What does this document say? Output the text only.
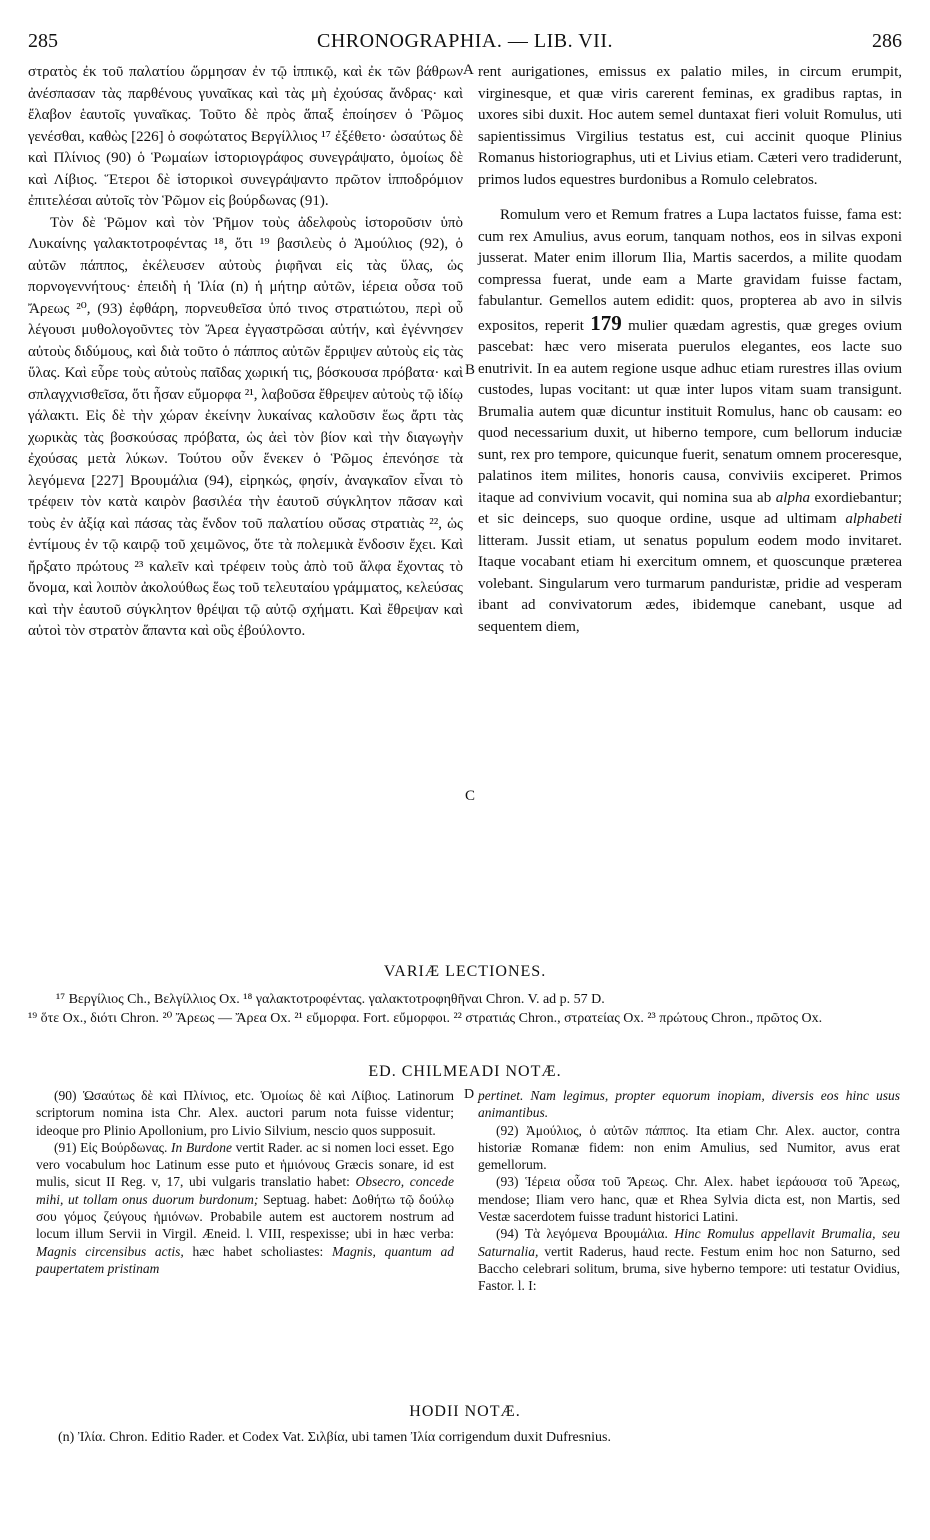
285	CHRONOGRAPHIA. — LIB. VII.	286

στρατὸς ἐκ τοῦ παλατίου ὥρμησαν ἐν τῷ ἱππικῷ, καὶ ἐκ τῶν βάθρων ἀνέσπασαν τὰς παρθένους γυναῖκας καὶ τὰς μὴ ἐχούσας ἄνδρας· καὶ ἔλαβον ἑαυτοῖς γυναῖκας. Τοῦτο δὲ πρὸς ἅπαξ ἐποίησεν ὁ Ῥῶμος γενέσθαι, καθὼς [226] ὁ σοφώτατος Βεργίλλιος ¹⁷ ἐξέθετο· ὡσαύτως δὲ καὶ Πλίνιος (90) ὁ Ῥωμαίων ἱστοριογράφος συνεγράψατο, ὁμοίως δὲ καὶ Λίβιος. Ἕτεροι δὲ ἱστορικοὶ συνεγράψαντο πρῶτον ἱπποδρόμιον ἐπιτελέσαι αὐτοῖς τὸν Ῥῶμον εἰς βούρδωνας (91).

Τὸν δὲ Ῥῶμον καὶ τὸν Ῥῆμον τοὺς ἀδελφοὺς ἱστοροῦσιν ὑπὸ Λυκαίνης γαλακτοτροφέντας ¹⁸, ὅτι ¹⁹ βασιλεὺς ὁ Ἀμούλιος (92), ὁ αὐτῶν πάππος, ἐκέλευσεν αὐτοὺς ῥιφῆναι εἰς τὰς ὕλας, ὡς πορνογεννήτους· ἐπειδὴ ἡ Ἰλία (n) ἡ μήτηρ αὐτῶν, ἱέρεια οὖσα τοῦ Ἄρεως ²⁰, (93) ἐφθάρη, πορνευθεῖσα ὑπό τινος στρατιώτου, περὶ οὗ λέγουσι μυθολογοῦντες τὸν Ἄρεα ἐγγαστρῶσαι αὐτήν, καὶ ἐγέννησεν αὐτοὺς διδύμους, καὶ διὰ τοῦτο ὁ πάππος αὐτῶν ἔρριψεν αὐτοὺς εἰς τὰς ὕλας. Καὶ εὗρε τοὺς αὐτοὺς παῖδας χωρική τις, βόσκουσα πρόβατα· καὶ σπλαγχνισθεῖσα, ὅτι ἦσαν εὔμορφα ²¹, λαβοῦσα ἔθρεψεν αὐτοὺς τῷ ἰδίῳ γάλακτι. Εἰς δὲ τὴν χώραν ἐκείνην λυκαίνας καλοῦσιν ἕως ἄρτι τὰς χωρικὰς τὰς βοσκούσας πρόβατα, ὡς ἀεὶ τὸν βίον καὶ τὴν διαγωγὴν ἐχούσας μετὰ λύκων. Τούτου οὖν ἕνεκεν ὁ Ῥῶμος ἐπενόησε τὰ λεγόμενα [227] Βρουμάλια (94), εἰρηκώς, φησίν, ἀναγκαῖον εἶναι τὸ τρέφειν τὸν κατὰ καιρὸν βασιλέα τὴν ἑαυτοῦ σύγκλητον πᾶσαν καὶ τοὺς ἐν ἀξίᾳ καὶ πάσας τὰς ἔνδον τοῦ παλατίου οὔσας στρατιὰς ²², ὡς ἐντίμους ἐν τῷ καιρῷ τοῦ χειμῶνος, ὅτε τὰ πολεμικὰ ἔνδοσιν ἔχει. Καὶ ἤρξατο πρώτους ²³ καλεῖν καὶ τρέφειν τοὺς ἀπὸ τοῦ ἄλφα ἔχοντας τὸ ὄνομα, καὶ λοιπὸν ἀκολούθως ἕως τοῦ τελευταίου γράμματος, κελεύσας καὶ τὴν ἑαυτοῦ σύγκλητον θρέψαι τῷ αὐτῷ σχήματι. Καὶ ἔθρεψαν καὶ αὐτοὶ τὸν στρατὸν ἅπαντα καὶ οὓς ἐβούλοντο.

A
B
C

rent aurigationes, emissus ex palatio miles, in circum erumpit, virginesque, et quæ viris carerent feminas, ex gradibus raptas, in uxores sibi duxit. Hoc autem semel duntaxat fieri voluit Romulus, uti sapientissimus Virgilius testatus est, cui accinit quoque Plinius Romanus historiographus, uti et Livius etiam. Cæteri vero tradiderunt, primos ludos equestres burdonibus a Romulo celebratos.

Romulum vero et Remum fratres a Lupa lactatos fuisse, fama est: cum rex Amulius, avus eorum, tanquam nothos, eos in silvas exponi jusserat. Mater enim illorum Ilia, Martis sacerdos, a milite quodam compressa fuerat, unde eam a Marte gravidam fuisse factam, fabulantur. Gemellos autem edidit: quos, propterea ab avo in silvis expositos, reperit 179 mulier quædam agrestis, quæ greges ovium pascebat: hæc vero miserata puerulos elegantes, eos lacte suo enutrivit. In ea autem regione usque adhuc etiam rurestres illas ovium custodes, lupas vocitant: ut quæ inter lupos vitam suam transigunt. Brumalia autem quæ dicuntur instituit Romulus, hanc ob causam: eo quod necessarium duxit, ut hiberno tempore, cum bellorum induciæ sunt, rex pro tempore, quicunque fuerit, senatum omnem proceresque, palatinos item milites, honoris causa, conviviis exciperet. Primos itaque ad convivium vocavit, qui nomina sua ab alpha exordiebantur; et sic deinceps, suo quoque ordine, usque ad ultimam alphabeti litteram. Jussit etiam, ut senatus populum eodem modo invitaret. Itaque vocabant etiam hi exercitum omnem, et quoscunque præterea volebant. Singularum vero turmarum panduristæ, pridie ad vesperam ibant ad convivatorum ædes, ibidemque canebant, usque ad sequentem diem,

VARIÆ LECTIONES.

¹⁷ Βεργίλιος Ch., Βελγίλλιος Ox. ¹⁸ γαλακτοτροφέντας. γαλακτοτροφηθῆναι Chron. V. ad p. 57 D.

¹⁹ ὅτε Ox., διότι Chron. ²⁰ Ἄρεως — Ἄρεα Ox. ²¹ εὔμορφα. Fort. εὔμορφοι. ²² στρατιάς Chron., στρατείας Ox. ²³ πρώτους Chron., πρῶτος Ox.

ED. CHILMEADI NOTÆ.

(90) Ὡσαύτως δὲ καὶ Πλίνιος, etc. Ὁμοίως δὲ καὶ Λίβιος. Latinorum scriptorum nomina ista Chr. Alex. auctori parum nota fuisse videntur; ideoque pro Plinio Apollonium, pro Livio Silvium, nescio quos supposuit.

(91) Εἰς Βούρδωνας. In Burdone vertit Rader. ac si nomen loci esset. Ego vero vocabulum hoc Latinum esse puto et ἡμιόνους Græcis sonare, id est mulis, sicut II Reg. v, 17, ubi vulgaris translatio habet: Obsecro, concede mihi, ut tollam onus duorum burdonum; Septuag. habet: Δοθήτω τῷ δούλῳ σου γόμος ζεύγους ἡμιόνων. Probabile autem est auctorem nostrum ad locum illum Servii in Virgil. Æneid. l. VIII, respexisse; ubi in hæc verba: Magnis circensibus actis, hæc habet scholiastes: Magnis, quantum ad paupertatem pristinam

D pertinet. Nam legimus, propter equorum inopiam, diversis eos hinc usus animantibus.

(92) Ἀμούλιος, ὁ αὐτῶν πάππος. Ita etiam Chr. Alex. auctor, contra historiæ Romanæ fidem: non enim Amulius, sed Numitor, avus erat gemellorum.

(93) Ἱέρεια οὖσα τοῦ Ἄρεως. Chr. Alex. habet ἱεράουσα τοῦ Ἄρεως, mendose; Iliam vero hanc, quæ et Rhea Sylvia dicta est, non Martis, sed Vestæ sacerdotem fuisse tradunt historici Latini.

(94) Τὰ λεγόμενα Βρουμάλια. Hinc Romulus appellavit Brumalia, seu Saturnalia, vertit Raderus, haud recte. Festum enim hoc non Saturno, sed Baccho celebrari solitum, bruma, sive hyberno tempore: uti testatur Ovidius, Fastor. l. I:

HODII NOTÆ.

(n) Ἰλία. Chron. Editio Rader. et Codex Vat. Σιλβία, ubi tamen Ἰλία corrigendum duxit Dufresnius.
